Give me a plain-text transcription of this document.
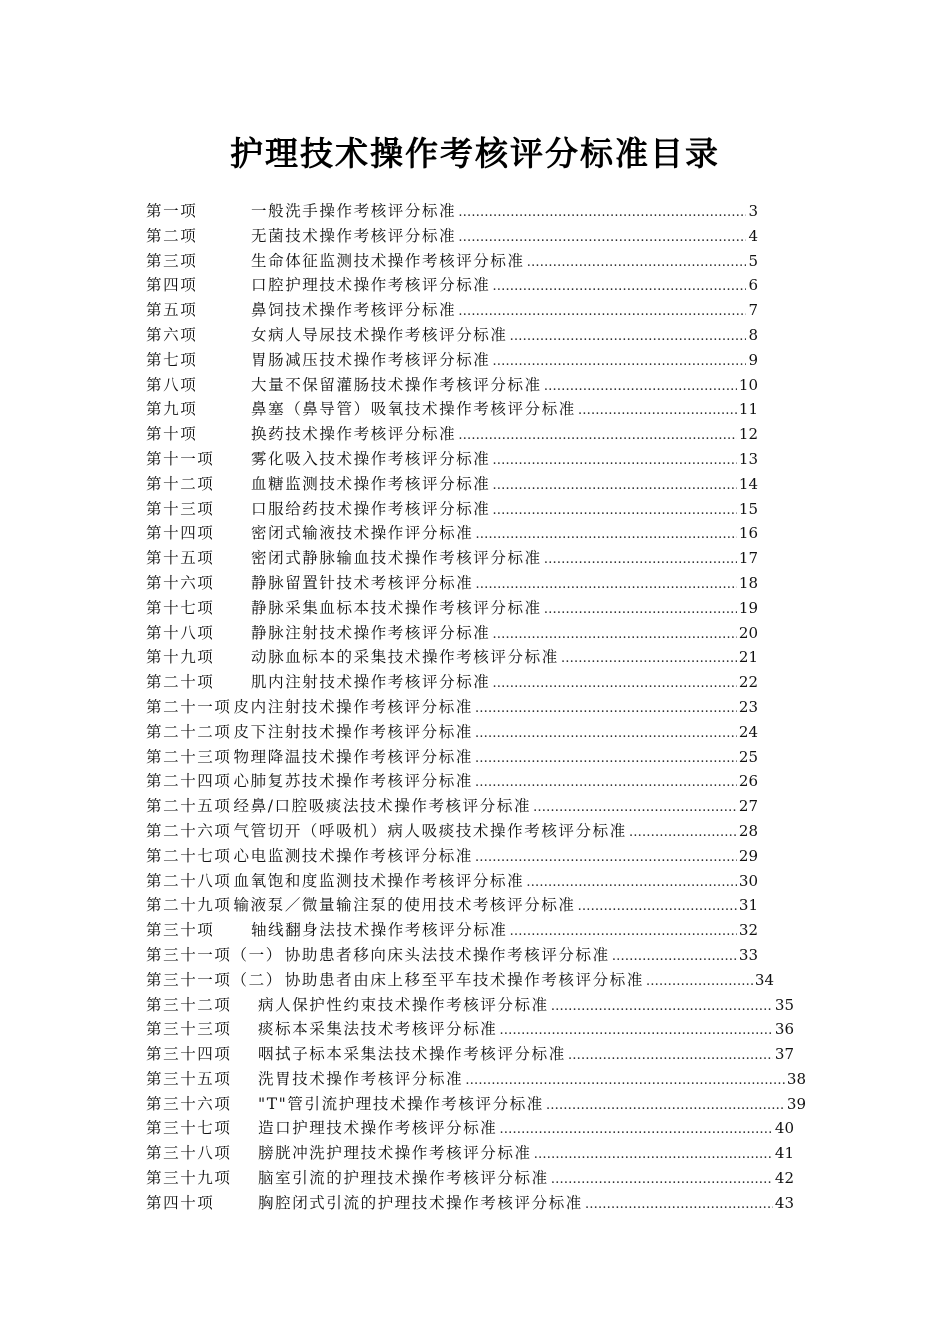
护理技术操作考核评分标准目录
第一项	一般洗手操作考核评分标准 …………………………………………………………………………………………………………………………………………………………	3
第二项	无菌技术操作考核评分标准 …………………………………………………………………………………………………………………………………………………………	4
第三项	生命体征监测技术操作考核评分标准 …………………………………………………………………………………………………………………………………………………………	5
第四项	口腔护理技术操作考核评分标准 …………………………………………………………………………………………………………………………………………………………	6
第五项	鼻饲技术操作考核评分标准 …………………………………………………………………………………………………………………………………………………………	7
第六项	女病人导尿技术操作考核评分标准 …………………………………………………………………………………………………………………………………………………………	8
第七项	胃肠减压技术操作考核评分标准 …………………………………………………………………………………………………………………………………………………………	9
第八项	大量不保留灌肠技术操作考核评分标准 …………………………………………………………………………………………………………………………………………………………	10
第九项	鼻塞（鼻导管）吸氧技术操作考核评分标准 …………………………………………………………………………………………………………………………………………………………	11
第十项	换药技术操作考核评分标准 …………………………………………………………………………………………………………………………………………………………	12
第十一项	雾化吸入技术操作考核评分标准 …………………………………………………………………………………………………………………………………………………………	13
第十二项	血糖监测技术操作考核评分标准 …………………………………………………………………………………………………………………………………………………………	14
第十三项	口服给药技术操作考核评分标准 …………………………………………………………………………………………………………………………………………………………	15
第十四项	密闭式输液技术操作评分标准 …………………………………………………………………………………………………………………………………………………………	16
第十五项	密闭式静脉输血技术操作考核评分标准 …………………………………………………………………………………………………………………………………………………………	17
第十六项	静脉留置针技术考核评分标准 …………………………………………………………………………………………………………………………………………………………	18
第十七项	静脉采集血标本技术操作考核评分标准 …………………………………………………………………………………………………………………………………………………………	19
第十八项	静脉注射技术操作考核评分标准 …………………………………………………………………………………………………………………………………………………………	20
第十九项	动脉血标本的采集技术操作考核评分标准 …………………………………………………………………………………………………………………………………………………………	21
第二十项	肌内注射技术操作考核评分标准 …………………………………………………………………………………………………………………………………………………………	22
第二十一项 皮内注射技术操作考核评分标准 …………………………………………………………………………………………………………………………………………………………	23
第二十二项 皮下注射技术操作考核评分标准 …………………………………………………………………………………………………………………………………………………………	24
第二十三项 物理降温技术操作考核评分标准 …………………………………………………………………………………………………………………………………………………………	25
第二十四项 心肺复苏技术操作考核评分标准 …………………………………………………………………………………………………………………………………………………………	26
第二十五项 经鼻/口腔吸痰法技术操作考核评分标准 …………………………………………………………………………………………………………………………………………………………	27
第二十六项 气管切开（呼吸机）病人吸痰技术操作考核评分标准 …………………………………………………………………………………………………………………………………………………………	28
第二十七项 心电监测技术操作考核评分标准 …………………………………………………………………………………………………………………………………………………………	29
第二十八项 血氧饱和度监测技术操作考核评分标准 …………………………………………………………………………………………………………………………………………………………	30
第二十九项 输液泵／微量输注泵的使用技术考核评分标准 …………………………………………………………………………………………………………………………………………………………	31
第三十项	轴线翻身法技术操作考核评分标准 …………………………………………………………………………………………………………………………………………………………	32
第三十一项（一） 协助患者移向床头法技术操作考核评分标准 …………………………………………………………………………………………………………………………………………………………	33
第三十一项（二） 协助患者由床上移至平车技术操作考核评分标准 …………………………………………………………………………………………………………………………………………………………	34
第三十二项	病人保护性约束技术操作考核评分标准 …………………………………………………………………………………………………………………………………………………………	35
第三十三项	痰标本采集法技术考核评分标准 …………………………………………………………………………………………………………………………………………………………	36
第三十四项	咽拭子标本采集法技术操作考核评分标准 …………………………………………………………………………………………………………………………………………………………	37
第三十五项	洗胃技术操作考核评分标准 …………………………………………………………………………………………………………………………………………………………	38
第三十六项	"T"管引流护理技术操作考核评分标准 …………………………………………………………………………………………………………………………………………………………	39
第三十七项	造口护理技术操作考核评分标准 …………………………………………………………………………………………………………………………………………………………	40
第三十八项	膀胱冲洗护理技术操作考核评分标准 …………………………………………………………………………………………………………………………………………………………	41
第三十九项	脑室引流的护理技术操作考核评分标准 …………………………………………………………………………………………………………………………………………………………	42
第四十项	胸腔闭式引流的护理技术操作考核评分标准 …………………………………………………………………………………………………………………………………………………………	43
